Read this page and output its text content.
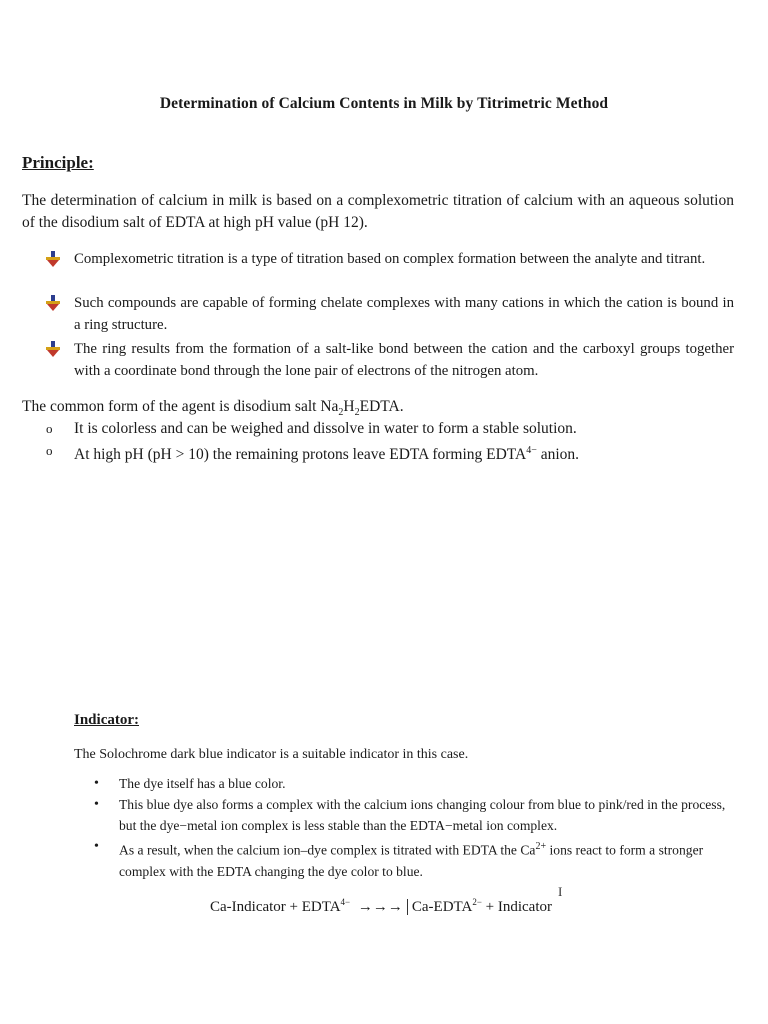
Determination of Calcium Contents in Milk by Titrimetric Method
Principle:
The determination of calcium in milk is based on a complexometric titration of calcium with an aqueous solution of the disodium salt of EDTA at high pH value (pH 12).
Complexometric titration is a type of titration based on complex formation between the analyte and titrant.
Such compounds are capable of forming chelate complexes with many cations in which the cation is bound in a ring structure.
The ring results from the formation of a salt-like bond between the cation and the carboxyl groups together with a coordinate bond through the lone pair of electrons of the nitrogen atom.
The common form of the agent is disodium salt $Na_2H_2EDTA$.
o It is colorless and can be weighed and dissolve in water to form a stable solution.
o At high pH (pH > 10) the remaining protons leave EDTA forming $EDTA^{4-}$ anion.
Indicator:
The Solochrome dark blue indicator is a suitable indicator in this case.
• The dye itself has a blue color.
• This blue dye also forms a complex with the calcium ions changing colour from blue to pink/red in the process, but the dye−metal ion complex is less stable than the EDTA−metal ion complex.
• As a result, when the calcium ion–dye complex is titrated with EDTA the $Ca^{2+}$ ions react to form a stronger complex with the EDTA changing the dye color to blue.
I
Ca-Indicator + $EDTA^{4-}$ →→→ $Ca-EDTA^{2-}$ + Indicator
